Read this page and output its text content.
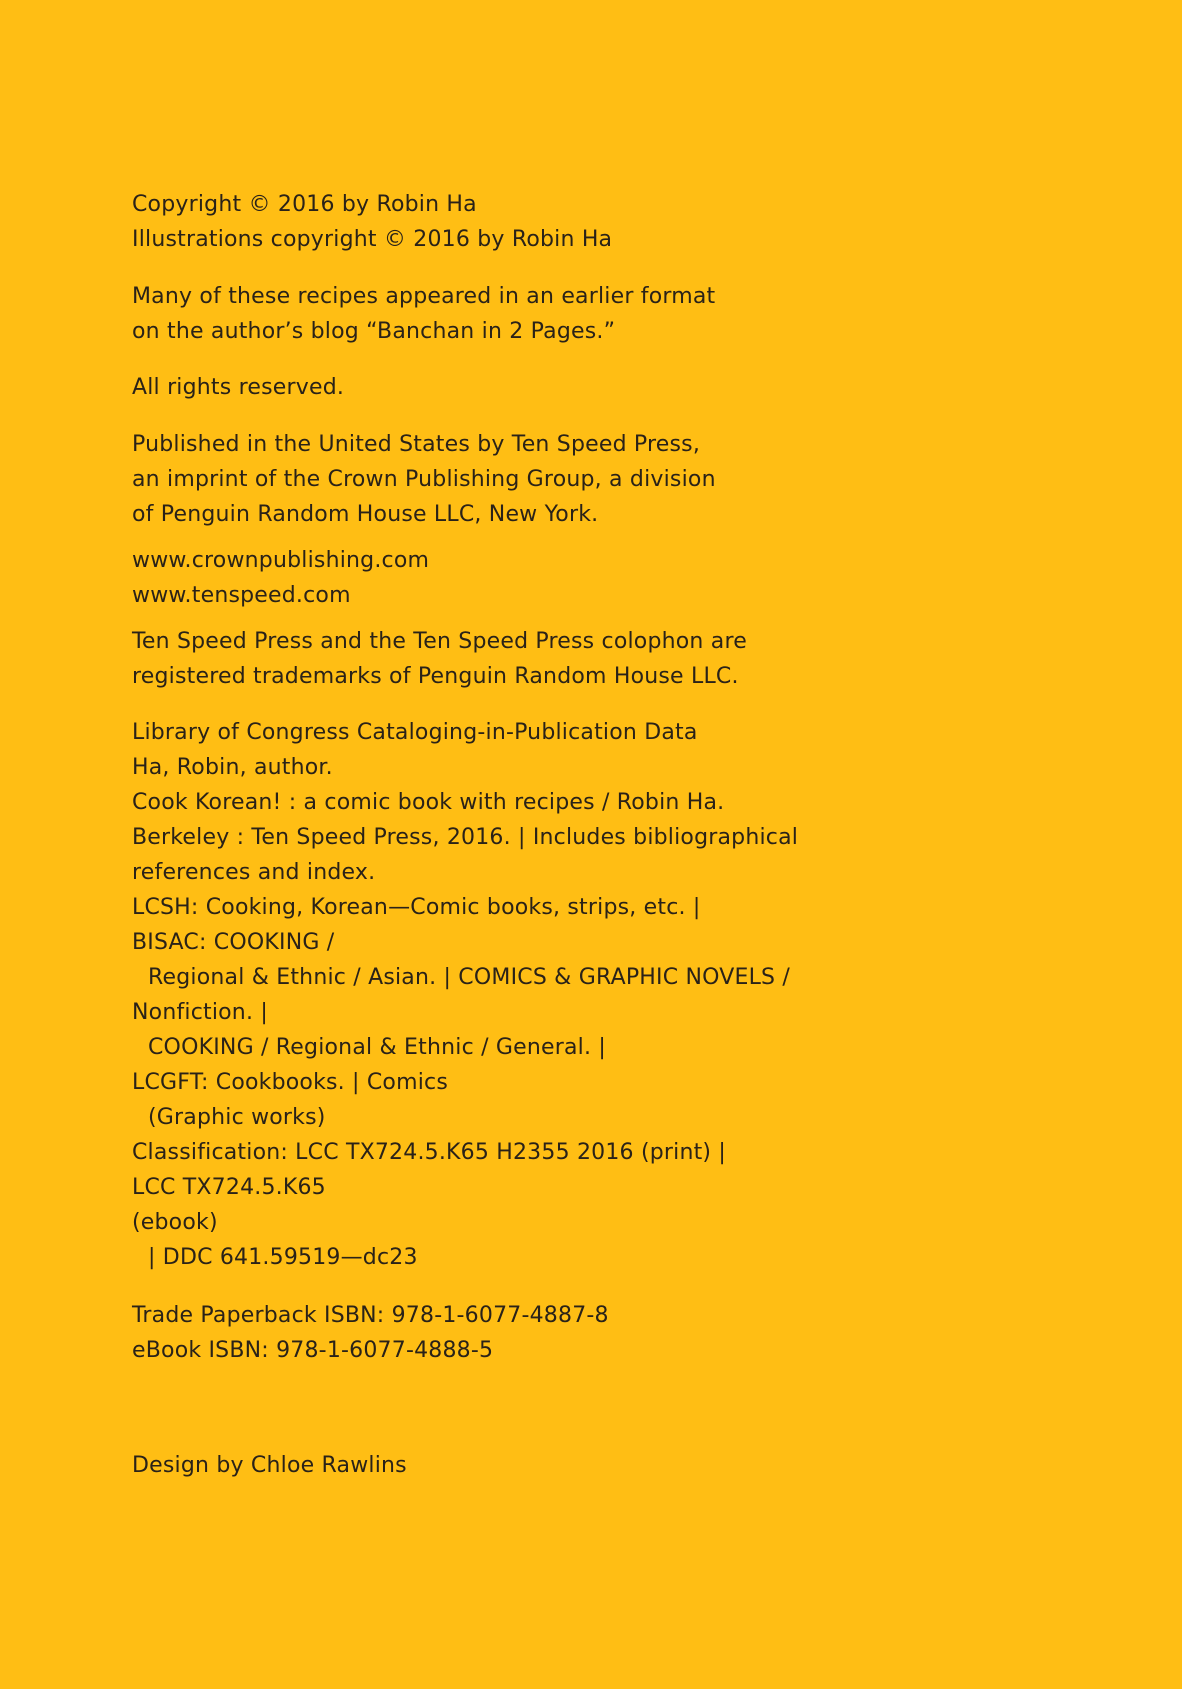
Copyright © 2016 by Robin Ha
Illustrations copyright © 2016 by Robin Ha
Many of these recipes appeared in an earlier format
on the author’s blog “Banchan in 2 Pages.”
All rights reserved.
Published in the United States by Ten Speed Press,
an imprint of the Crown Publishing Group, a division
of Penguin Random House LLC, New York.
www.crownpublishing.com
www.tenspeed.com
Ten Speed Press and the Ten Speed Press colophon are
registered trademarks of Penguin Random House LLC.
Library of Congress Cataloging-in-Publication Data
Ha, Robin, author.
Cook Korean! : a comic book with recipes / Robin Ha.
Berkeley : Ten Speed Press, 2016. | Includes bibliographical
references and index.
LCSH: Cooking, Korean—Comic books, strips, etc. |
BISAC: COOKING /
Regional & Ethnic / Asian. | COMICS & GRAPHIC NOVELS /
Nonfiction. |
COOKING / Regional & Ethnic / General. |
LCGFT: Cookbooks. | Comics
(Graphic works)
Classification: LCC TX724.5.K65 H2355 2016 (print) |
LCC TX724.5.K65
(ebook)
| DDC 641.59519—dc23
Trade Paperback ISBN: 978-1-6077-4887-8
eBook ISBN: 978-1-6077-4888-5
Design by Chloe Rawlins
